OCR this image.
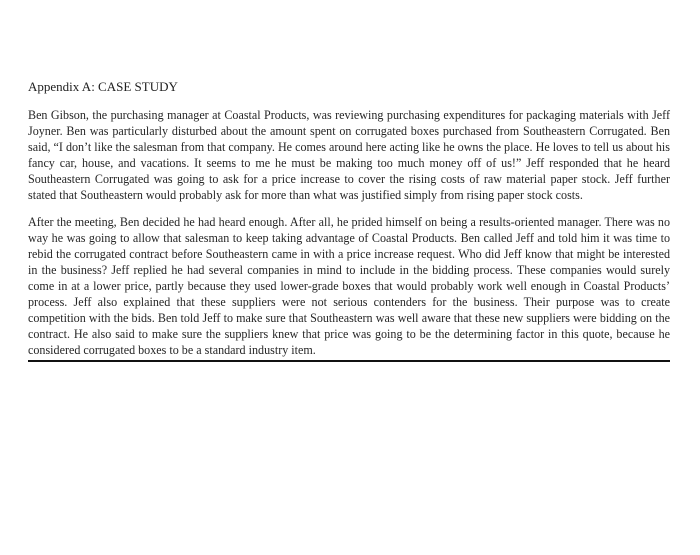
Appendix A: CASE STUDY

Ben Gibson, the purchasing manager at Coastal Products, was reviewing purchasing expenditures for packaging materials with Jeff Joyner. Ben was particularly disturbed about the amount spent on corrugated boxes purchased from Southeastern Corrugated. Ben said, “I don’t like the salesman from that company. He comes around here acting like he owns the place. He loves to tell us about his fancy car, house, and vacations. It seems to me he must be making too much money off of us!” Jeff responded that he heard Southeastern Corrugated was going to ask for a price increase to cover the rising costs of raw material paper stock. Jeff further stated that Southeastern would probably ask for more than what was justified simply from rising paper stock costs.

After the meeting, Ben decided he had heard enough. After all, he prided himself on being a results-oriented manager. There was no way he was going to allow that salesman to keep taking advantage of Coastal Products. Ben called Jeff and told him it was time to rebid the corrugated contract before Southeastern came in with a price increase request. Who did Jeff know that might be interested in the business? Jeff replied he had several companies in mind to include in the bidding process. These companies would surely come in at a lower price, partly because they used lower-grade boxes that would probably work well enough in Coastal Products’ process. Jeff also explained that these suppliers were not serious contenders for the business. Their purpose was to create competition with the bids. Ben told Jeff to make sure that Southeastern was well aware that these new suppliers were bidding on the contract. He also said to make sure the suppliers knew that price was going to be the determining factor in this quote, because he considered corrugated boxes to be a standard industry item.
